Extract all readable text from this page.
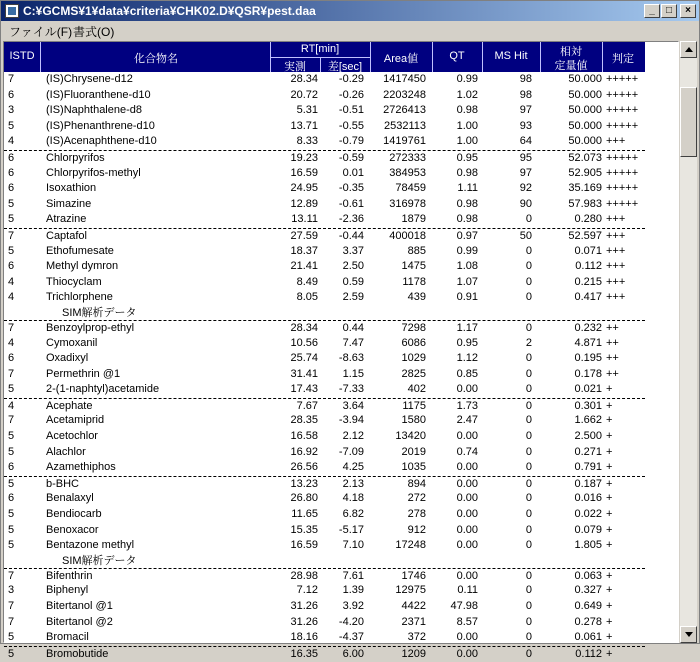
C:¥GCMS¥1¥data¥criteria¥CHK02.D¥QSR¥pest.daa	_	□	×
ファイル(F) 書式(O)
ISTD	化合物名
RT[min]
実測	差[sec]
Area値	QT	MS Hit	相対
定量値
判定
7	(IS)Chrysene-d12	28.34	-0.29	1417450	0.99	98	50.000 +++++
6	(IS)Fluoranthene-d10	20.72	-0.26	2203248	1.02	98	50.000 +++++
3	(IS)Naphthalene-d8	5.31	-0.51	2726413	0.98	97	50.000 +++++
5	(IS)Phenanthrene-d10	13.71	-0.55	2532113	1.00	93	50.000 +++++
4	(IS)Acenaphthene-d10	8.33	-0.79	1419761	1.00	64	50.000 +++
6	Chlorpyrifos	19.23	-0.59	272333	0.95	95	52.073 +++++
6	Chlorpyrifos-methyl	16.59	0.01	384953	0.98	97	52.905 +++++
6	Isoxathion	24.95	-0.35	78459	1.11	92	35.169 +++++
5	Simazine	12.89	-0.61	316978	0.98	90	57.983 +++++
5	Atrazine	13.11	-2.36	1879	0.98	0	0.280 +++
7	Captafol	27.59	-0.44	400018	0.97	50	52.597 +++
5	Ethofumesate	18.37	3.37	885	0.99	0	0.071 +++
6	Methyl dymron	21.41	2.50	1475	1.08	0	0.112 +++
4	Thiocyclam	8.49	0.59	1178	1.07	0	0.215 +++
4	Trichlorphene	8.05	2.59	439	0.91	0	0.417 +++
SIM解析データ
7	Benzoylprop-ethyl	28.34	0.44	7298	1.17	0	0.232 ++
4	Cymoxanil	10.56	7.47	6086	0.95	2	4.871 ++
6	Oxadixyl	25.74	-8.63	1029	1.12	0	0.195 ++
7	Permethrin @1	31.41	1.15	2825	0.85	0	0.178 ++
5	2-(1-naphtyl)acetamide	17.43	-7.33	402	0.00	0	0.021 +
4	Acephate	7.67	3.64	1175	1.73	0	0.301 +
7	Acetamiprid	28.35	-3.94	1580	2.47	0	1.662 +
5	Acetochlor	16.58	2.12	13420	0.00	0	2.500 +
5	Alachlor	16.92	-7.09	2019	0.74	0	0.271 +
6	Azamethiphos	26.56	4.25	1035	0.00	0	0.791 +
5	b-BHC	13.23	2.13	894	0.00	0	0.187 +
6	Benalaxyl	26.80	4.18	272	0.00	0	0.016 +
5	Bendiocarb	11.65	6.82	278	0.00	0	0.022 +
5	Benoxacor	15.35	-5.17	912	0.00	0	0.079 +
5	Bentazone methyl	16.59	7.10	17248	0.00	0	1.805 +
SIM解析データ
7	Bifenthrin	28.98	7.61	1746	0.00	0	0.063 +
3	Biphenyl	7.12	1.39	12975	0.11	0	0.327 +
7	Bitertanol @1	31.26	3.92	4422	47.98	0	0.649 +
7	Bitertanol @2	31.26	-4.20	2371	8.57	0	0.278 +
5	Bromacil	18.16	-4.37	372	0.00	0	0.061 +
5	Bromobutide	16.35	6.00	1209	0.00	0	0.112 +
